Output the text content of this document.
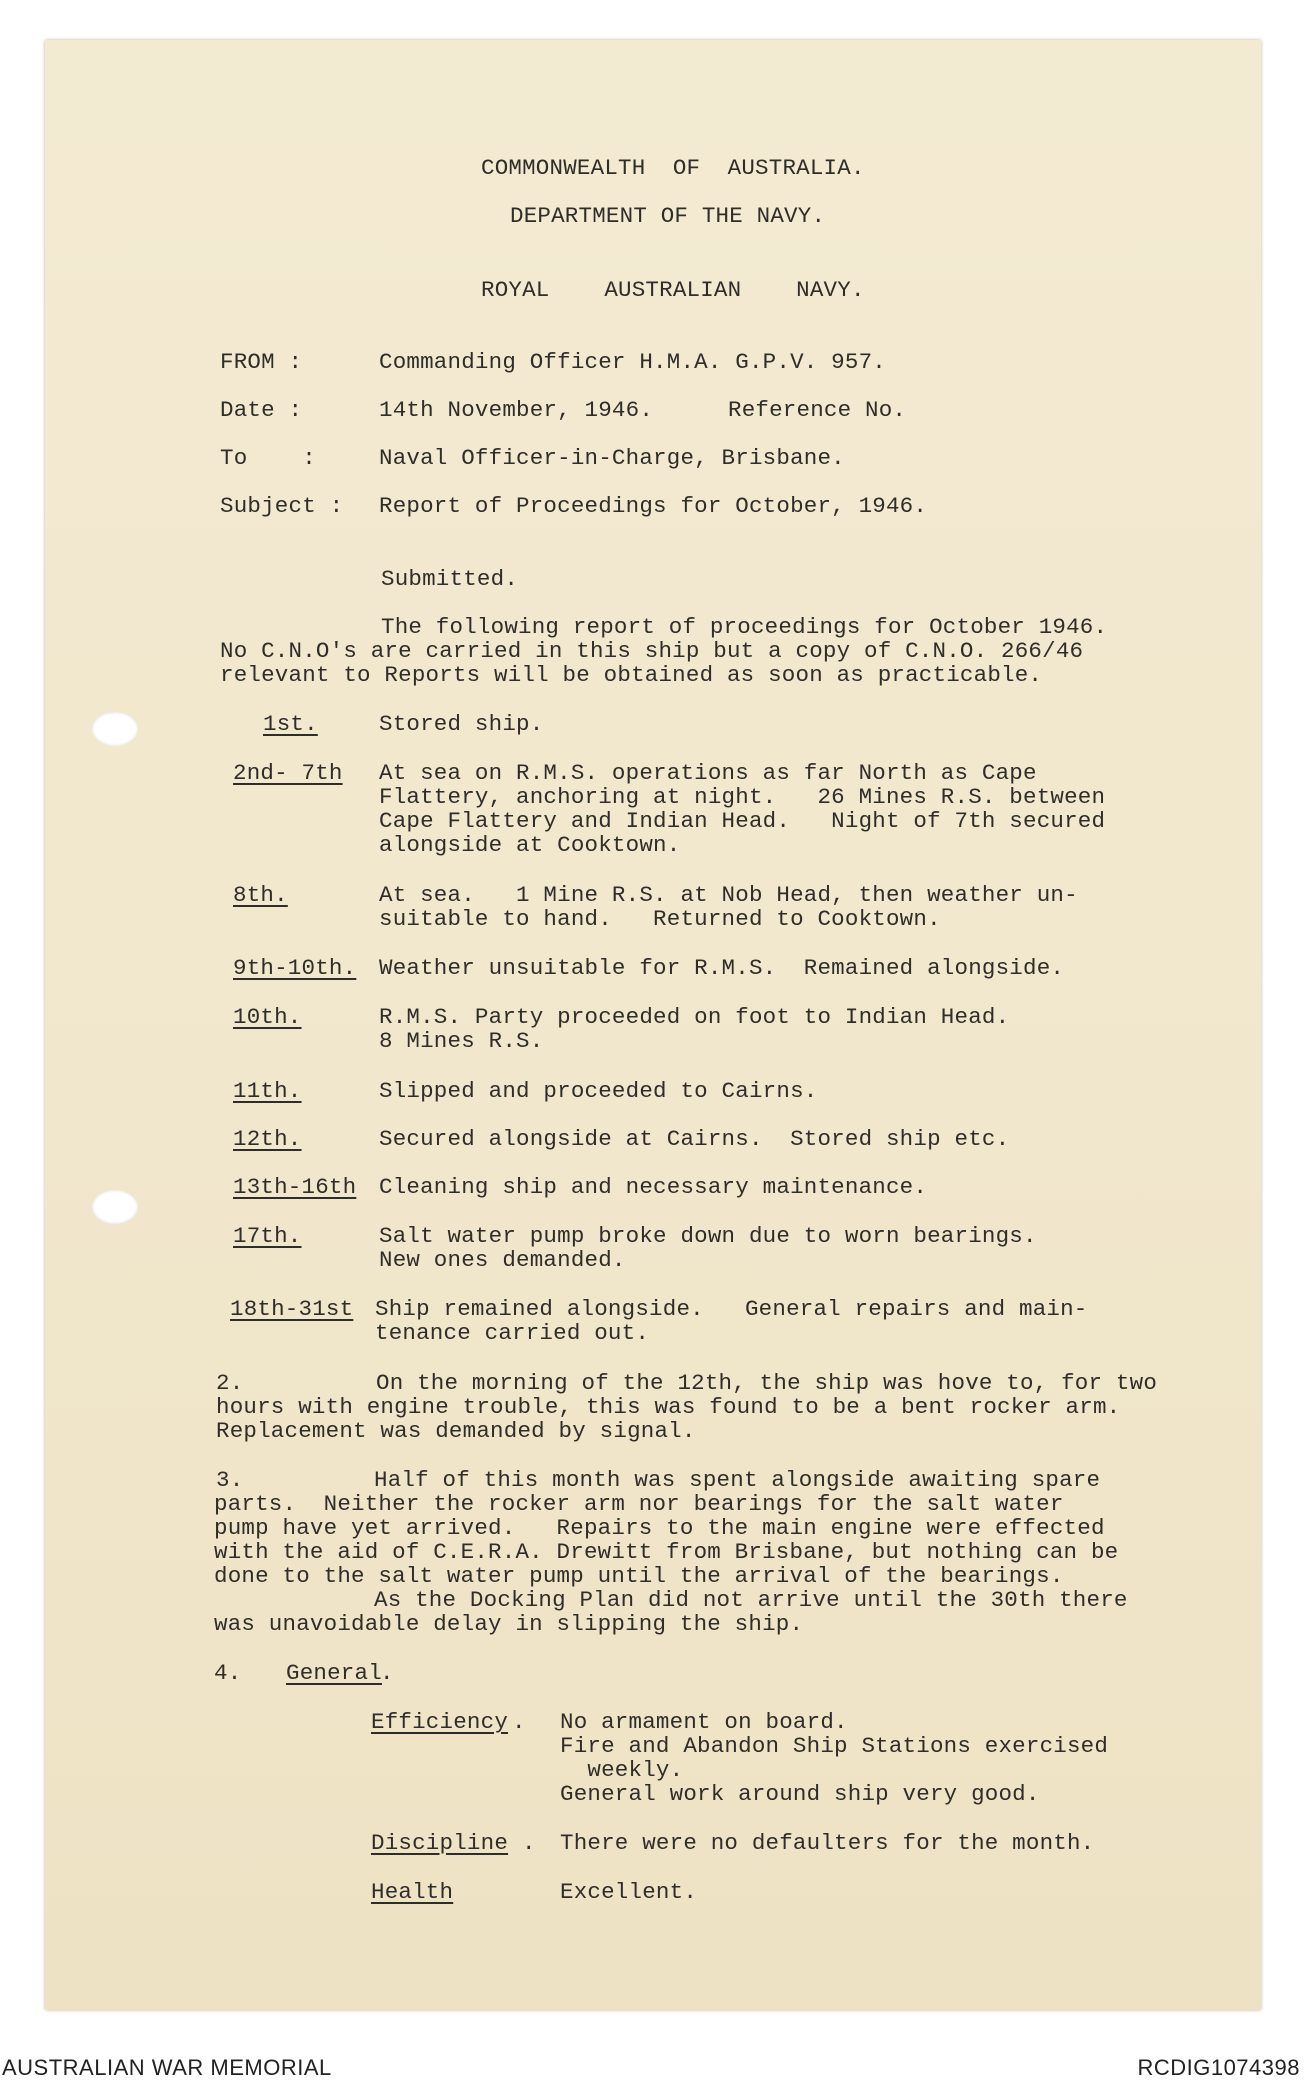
COMMONWEALTH  OF  AUSTRALIA.
DEPARTMENT OF THE NAVY.
ROYAL    AUSTRALIAN    NAVY.
FROM :	Commanding Officer H.M.A. G.P.V. 957.
Date :	14th November, 1946.	Reference No.
To    :	Naval Officer-in-Charge, Brisbane.
Subject : Report of Proceedings for October, 1946.
Submitted.
The following report of proceedings for October 1946.
No C.N.O's are carried in this ship but a copy of C.N.O. 266/46
relevant to Reports will be obtained as soon as practicable.
1st.	Stored ship.
2nd- 7th At sea on R.M.S. operations as far North as Cape
Flattery, anchoring at night.   26 Mines R.S. between
Cape Flattery and Indian Head.   Night of 7th secured
alongside at Cooktown.
8th.	At sea.   1 Mine R.S. at Nob Head, then weather un-
suitable to hand.   Returned to Cooktown.
9th-10th. Weather unsuitable for R.M.S.  Remained alongside.
10th.	R.M.S. Party proceeded on foot to Indian Head.
8 Mines R.S.
11th.	Slipped and proceeded to Cairns.
12th.	Secured alongside at Cairns.  Stored ship etc.
13th-16th Cleaning ship and necessary maintenance.
17th.	Salt water pump broke down due to worn bearings.
New ones demanded.
18th-31st Ship remained alongside.   General repairs and main-
tenance carried out.
2.	On the morning of the 12th, the ship was hove to, for two
hours with engine trouble, this was found to be a bent rocker arm.
Replacement was demanded by signal.
3.	Half of this month was spent alongside awaiting spare
parts.  Neither the rocker arm nor bearings for the salt water
pump have yet arrived.   Repairs to the main engine were effected
with the aid of C.E.R.A. Drewitt from Brisbane, but nothing can be
done to the salt water pump until the arrival of the bearings.
As the Docking Plan did not arrive until the 30th there
was unavoidable delay in slipping the ship.
4. General
.
Efficiency . No armament on board.
Fire and Abandon Ship Stations exercised
weekly.
General work around ship very good.
Discipline . There were no defaulters for the month.
Health	Excellent.
AUSTRALIAN WAR MEMORIAL	RCDIG1074398
